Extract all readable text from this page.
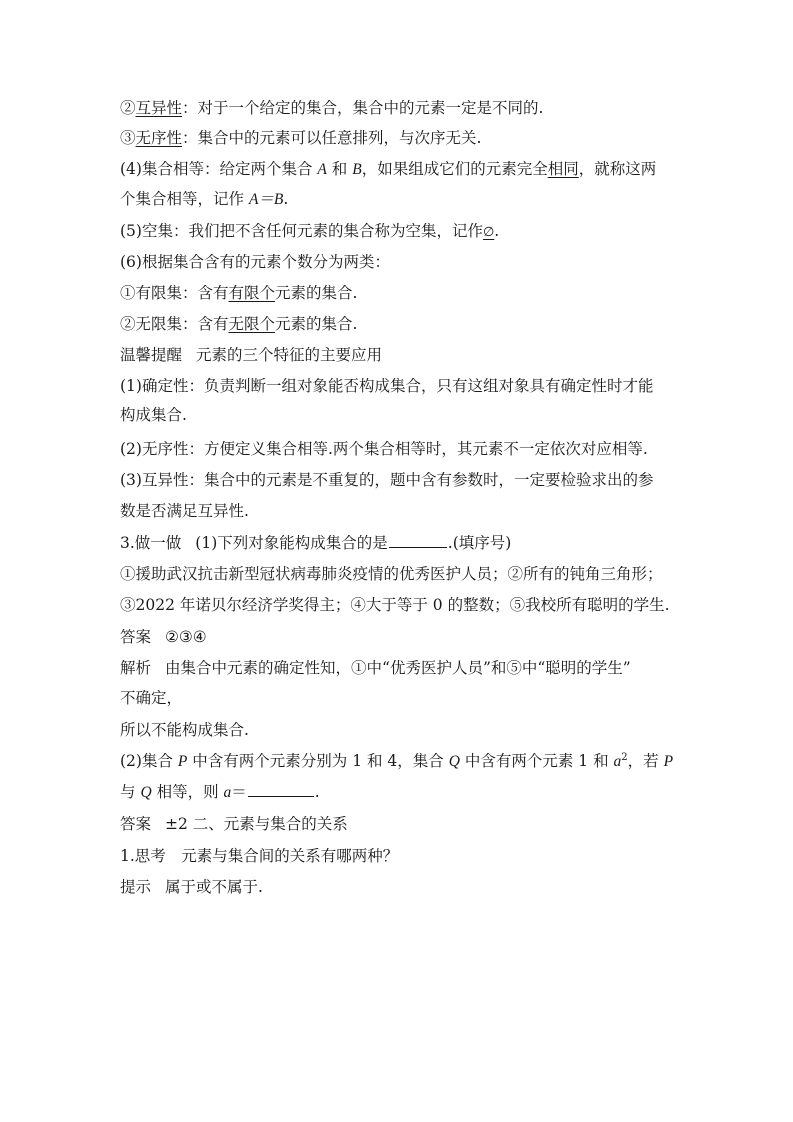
②互异性：对于一个给定的集合，集合中的元素一定是不同的.
③无序性：集合中的元素可以任意排列，与次序无关.
(4)集合相等：给定两个集合 A 和 B，如果组成它们的元素完全相同，就称这两
个集合相等，记作 A＝B.
(5)空集：我们把不含任何元素的集合称为空集，记作∅.
(6)根据集合含有的元素个数分为两类：
①有限集：含有有限个元素的集合.
②无限集：含有无限个元素的集合.
温馨提醒 元素的三个特征的主要应用
(1)确定性：负责判断一组对象能否构成集合，只有这组对象具有确定性时才能
构成集合.
(2)无序性：方便定义集合相等.两个集合相等时，其元素不一定依次对应相等.
(3)互异性：集合中的元素是不重复的，题中含有参数时，一定要检验求出的参
数是否满足互异性.
3.做一做 (1)下列对象能构成集合的是	.(填序号)
①援助武汉抗击新型冠状病毒肺炎疫情的优秀医护人员；②所有的钝角三角形；
③2022 年诺贝尔经济学奖得主；④大于等于 0 的整数；⑤我校所有聪明的学生.
答案 ②③④
解析 由集合中元素的确定性知，①中“优秀医护人员”和⑤中“聪明的学生”
不确定，
所以不能构成集合.
(2)集合 P 中含有两个元素分别为 1 和 4，集合 Q 中含有两个元素 1 和 $a^2$，若 P
与 Q 相等，则 a＝	.
答案 ±2 二、元素与集合的关系
1.思考　元素与集合间的关系有哪两种？
提示 属于或不属于.
